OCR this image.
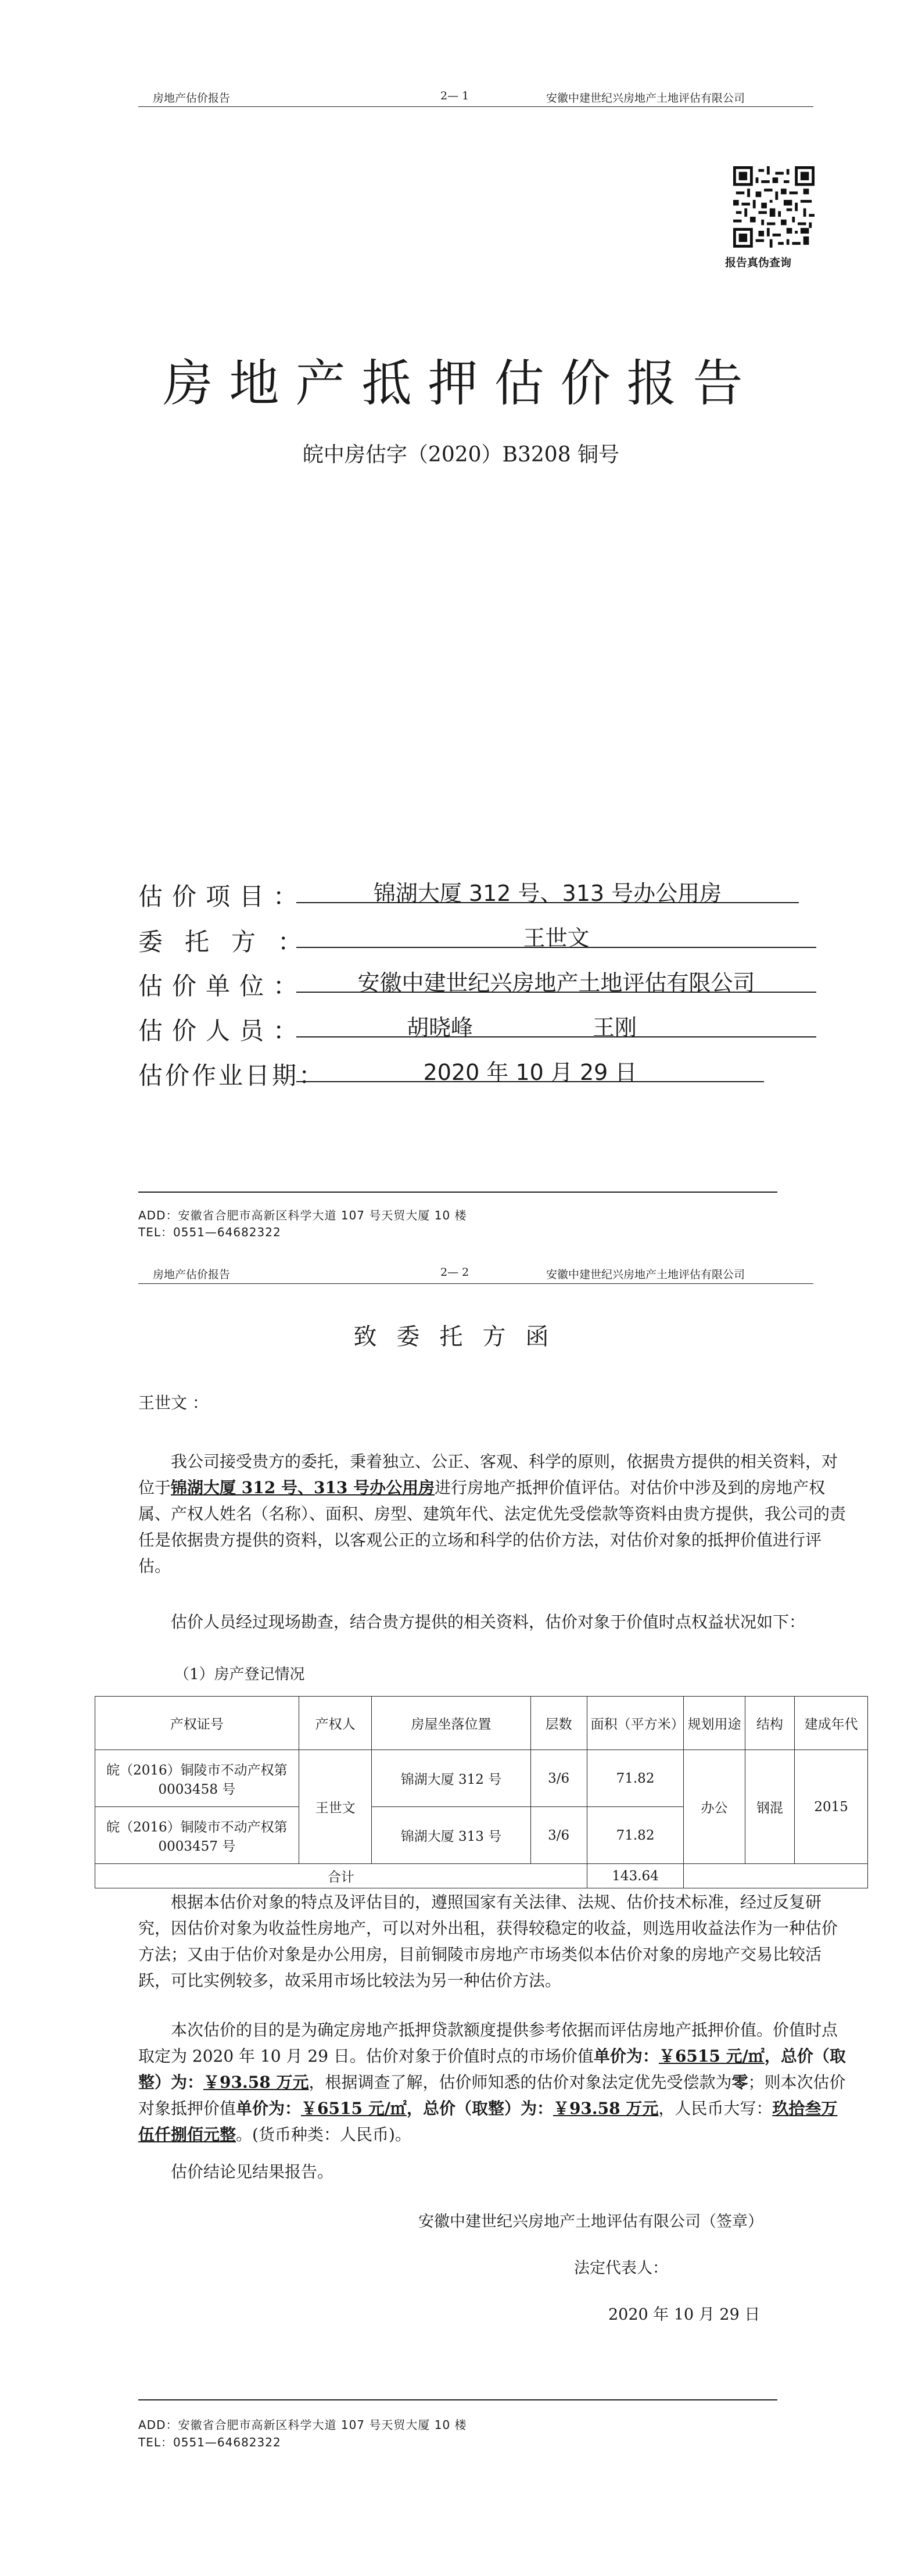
房地产估价报告	2— 1	安徽中建世纪兴房地产土地评估有限公司
报告真伪查询
房地产抵押估价报告
皖中房估字（2020）B3208 铜号
估价项目：	锦湖大厦 312 号、313 号办公用房
委托方：	王世文
估价单位：	安徽中建世纪兴房地产土地评估有限公司
估价人员：	胡晓峰	王刚
估价作业日期：	2020 年 10 月 29 日
ADD：安徽省合肥市高新区科学大道 107 号天贸大厦 10 楼
TEL：0551—64682322
房地产估价报告	2— 2	安徽中建世纪兴房地产土地评估有限公司
致委托方函
王世文 ：

我公司接受贵方的委托，秉着独立、公正、客观、科学的原则，依据贵方提供的相关资料，对位于锦湖大厦 312 号、313 号办公用房进行房地产抵押价值评估。对估价中涉及到的房地产权属、产权人姓名（名称）、面积、房型、建筑年代、法定优先受偿款等资料由贵方提供，我公司的责任是依据贵方提供的资料，以客观公正的立场和科学的估价方法，对估价对象的抵押价值进行评估。

估价人员经过现场勘查，结合贵方提供的相关资料，估价对象于价值时点权益状况如下：

（1）房产登记情况
产权证号	产权人	房屋坐落位置	层数	面积（平方米）	规划用途	结构	建成年代
皖（2016）铜陵市不动产权第 0003458 号	王世文	锦湖大厦 312 号	3/6	71.82	办公	钢混	2015
皖（2016）铜陵市不动产权第 0003457 号		锦湖大厦 313 号	3/6	71.82			
合计				143.64			

根据本估价对象的特点及评估目的，遵照国家有关法律、法规、估价技术标准，经过反复研究，因估价对象为收益性房地产，可以对外出租，获得较稳定的收益，则选用收益法作为一种估价方法；又由于估价对象是办公用房，目前铜陵市房地产市场类似本估价对象的房地产交易比较活跃，可比实例较多，故采用市场比较法为另一种估价方法。

本次估价的目的是为确定房地产抵押贷款额度提供参考依据而评估房地产抵押价值。价值时点取定为 2020 年 10 月 29 日。估价对象于价值时点的市场价值单价为：￥6515 元/㎡，总价（取整）为：￥93.58 万元，根据调查了解，估价师知悉的估价对象法定优先受偿款为零；则本次估价对象抵押价值单价为：￥6515 元/㎡，总价（取整）为：￥93.58 万元，人民币大写：玖拾叁万伍仟捌佰元整。(货币种类：人民币)。

估价结论见结果报告。

安徽中建世纪兴房地产土地评估有限公司（签章）
法定代表人：
2020 年 10 月 29 日
ADD：安徽省合肥市高新区科学大道 107 号天贸大厦 10 楼
TEL：0551—64682322
